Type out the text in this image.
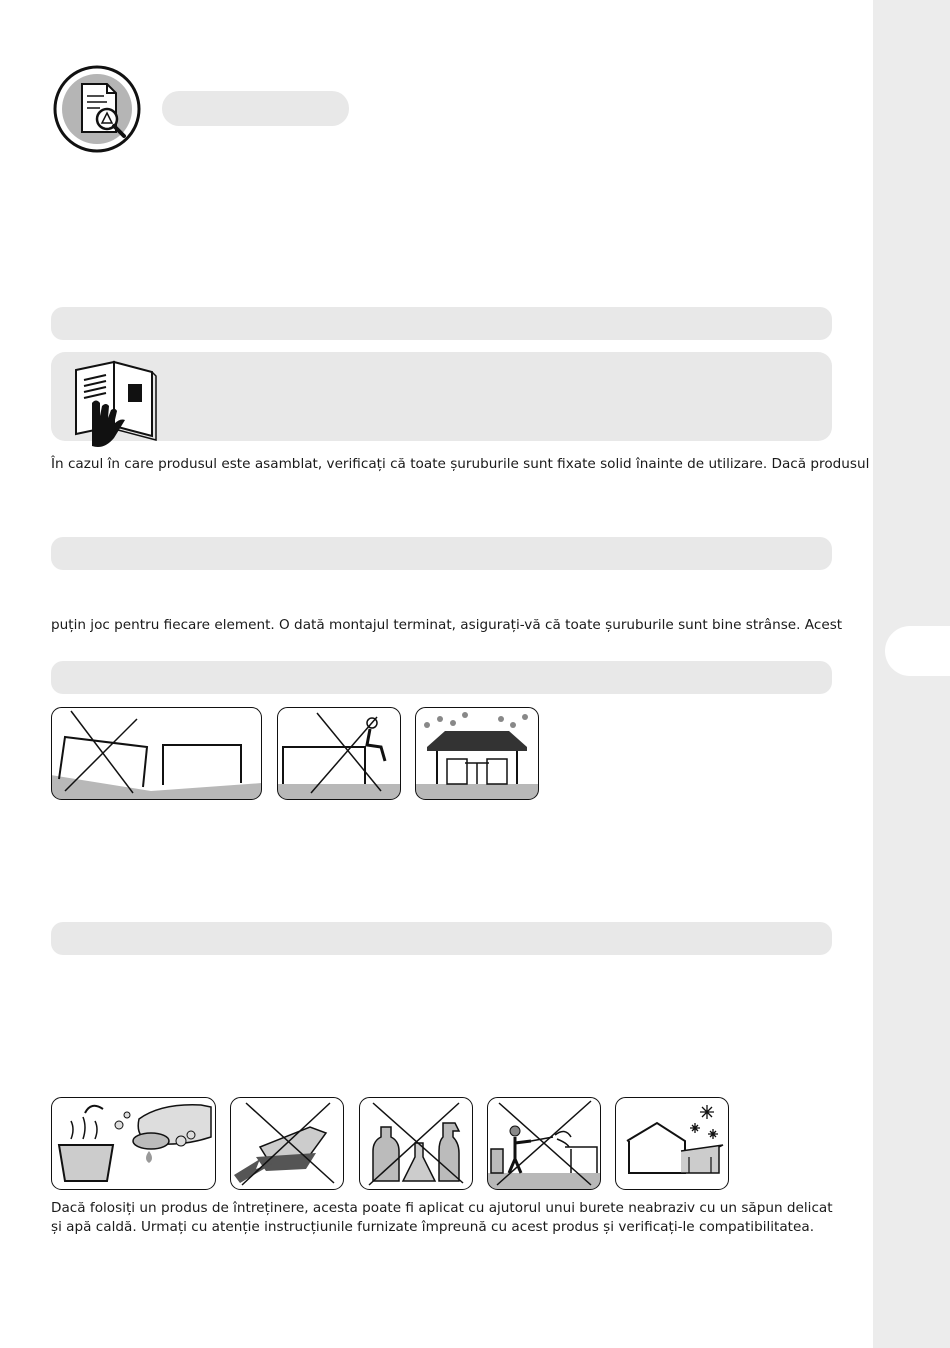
În cazul în care produsul este asamblat, verificați că toate șuruburile sunt fixate solid înainte de utilizare. Dacă produsul

puțin joc pentru fiecare element. O dată montajul terminat, asigurați-vă că toate șuruburile sunt bine strânse. Acest

Dacă folosiți un produs de întreținere, acesta poate fi aplicat cu ajutorul unui burete neabraziv cu un săpun delicat și apă caldă. Urmați cu atenție instrucțiunile furnizate împreună cu acest produs și verificați-le compatibilitatea.
